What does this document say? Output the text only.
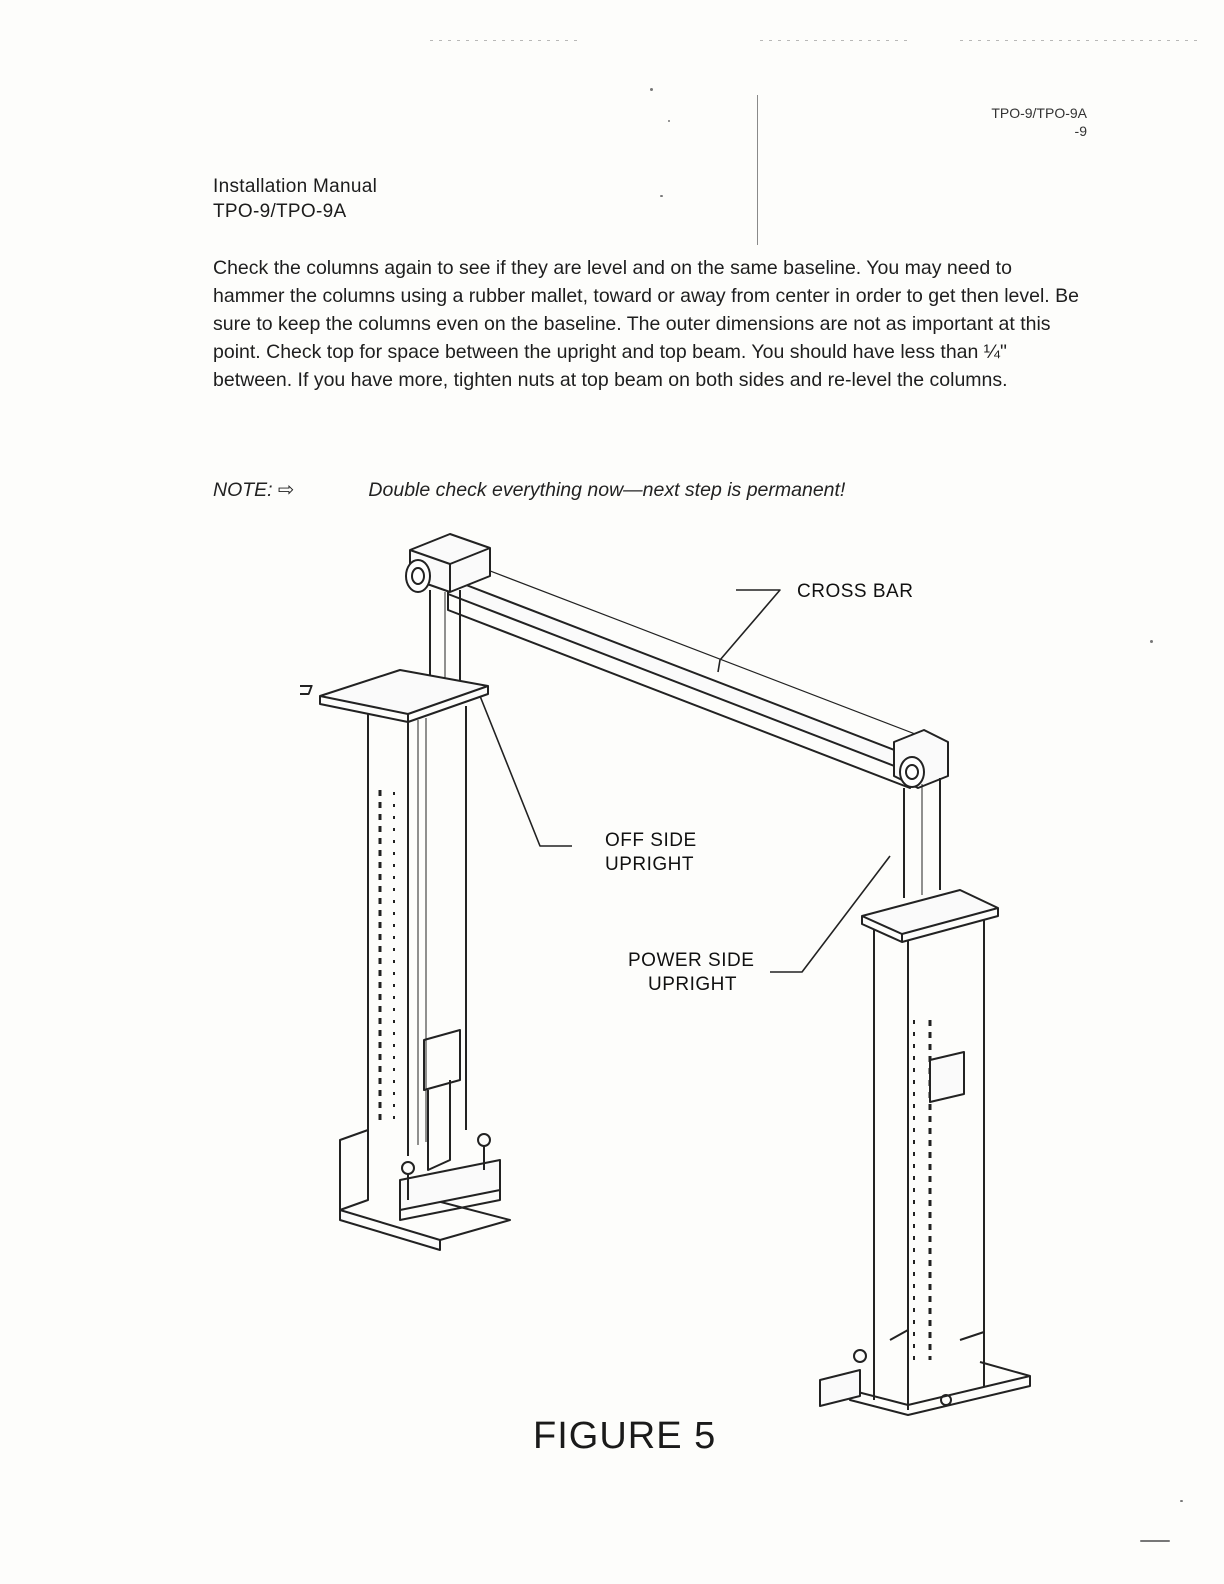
TPO-9/TPO-9A
-9
Installation Manual
TPO-9/TPO-9A

Check the columns again to see if they are level and on the same baseline. You may need to hammer the columns using a rubber mallet, toward or away from center in order to get then level. Be sure to keep the columns even on the baseline. The outer dimensions are not as important at this point. Check top for space between the upright and top beam. You should have less than ¼" between. If you have more, tighten nuts at top beam on both sides and re-level the columns.

NOTE: ⇨	Double check everything now—next step is permanent!
CROSS BAR
OFF SIDE
UPRIGHT
POWER SIDE
UPRIGHT
FIGURE 5
